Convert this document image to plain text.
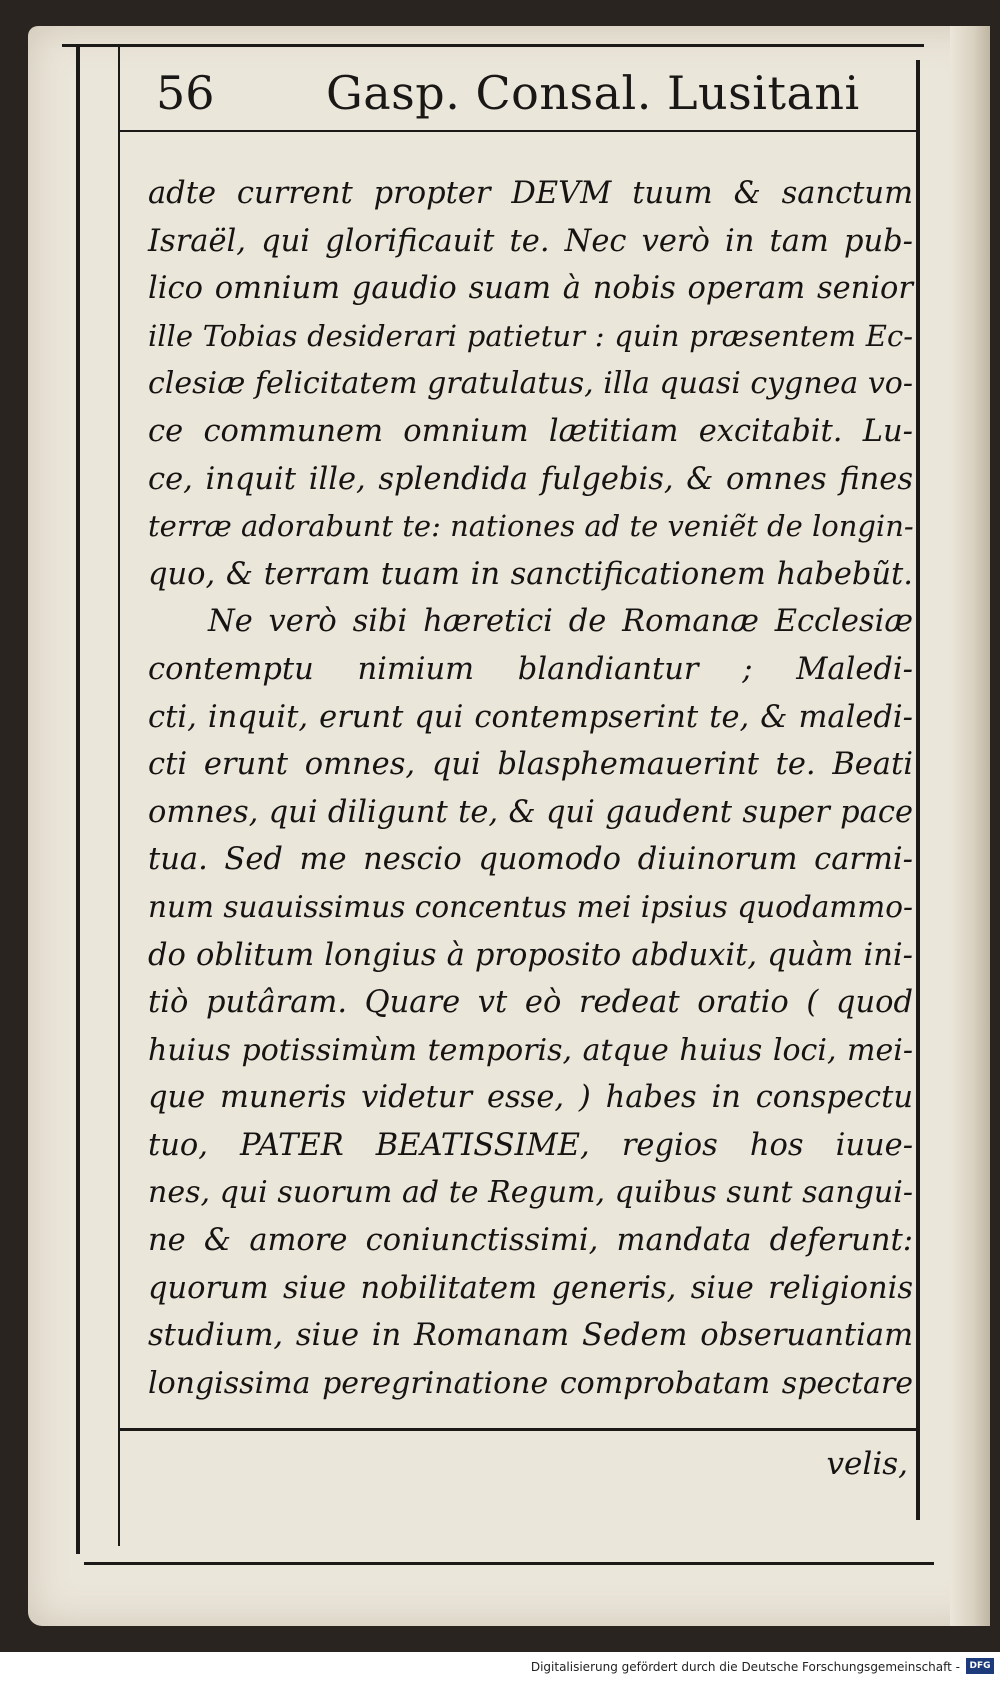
56 Gasp. Consal. Lusitani
adte current propter DEVM tuum & sanctum
Israël, qui glorificauit te. Nec verò in tam pub-
lico omnium gaudio suam à nobis operam senior
ille Tobias desiderari patietur : quin præsentem Ec-
clesiæ felicitatem gratulatus, illa quasi cygnea vo-
ce communem omnium lætitiam excitabit. Lu-
ce, inquit ille, splendida fulgebis, & omnes fines
terræ adorabunt te: nationes ad te veniẽt de longin-
quo, & terram tuam in sanctificationem habebũt.
Ne verò sibi hæretici de Romanæ Ecclesiæ
contemptu nimium blandiantur ; Maledi-
cti, inquit, erunt qui contempserint te, & maledi-
cti erunt omnes, qui blasphemauerint te. Beati
omnes, qui diligunt te, & qui gaudent super pace
tua. Sed me nescio quomodo diuinorum carmi-
num suauissimus concentus mei ipsius quodammo-
do oblitum longius à proposito abduxit, quàm ini-
tiò putâram. Quare vt eò redeat oratio ( quod
huius potissimùm temporis, atque huius loci, mei-
que muneris videtur esse, ) habes in conspectu
tuo, PATER BEATISSIME, regios hos iuue-
nes, qui suorum ad te Regum, quibus sunt sangui-
ne & amore coniunctissimi, mandata deferunt:
quorum siue nobilitatem generis, siue religionis
studium, siue in Romanam Sedem obseruantiam
longissima peregrinatione comprobatam spectare
velis,
Digitalisierung gefördert durch die Deutsche Forschungsgemeinschaft -	DFG
